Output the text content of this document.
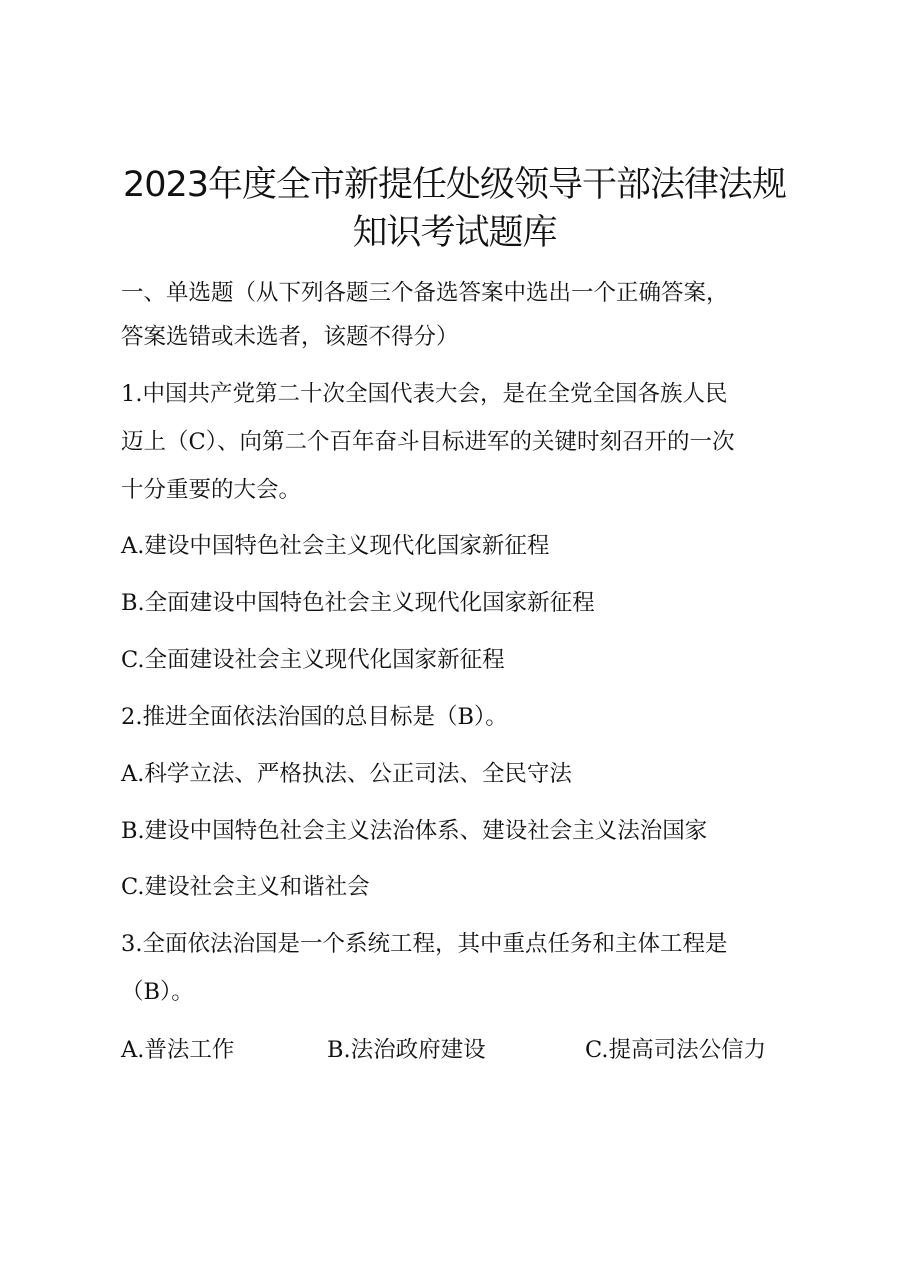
2023年度全市新提任处级领导干部法律法规
知识考试题库
一、单选题（从下列各题三个备选答案中选出一个正确答案，
答案选错或未选者，该题不得分）
1.中国共产党第二十次全国代表大会，是在全党全国各族人民
迈上（C）、向第二个百年奋斗目标进军的关键时刻召开的一次
十分重要的大会。
A.建设中国特色社会主义现代化国家新征程
B.全面建设中国特色社会主义现代化国家新征程
C.全面建设社会主义现代化国家新征程
2.推进全面依法治国的总目标是（B）。
A.科学立法、严格执法、公正司法、全民守法
B.建设中国特色社会主义法治体系、建设社会主义法治国家
C.建设社会主义和谐社会
3.全面依法治国是一个系统工程，其中重点任务和主体工程是
（B）。
A.普法工作	B.法治政府建设	C.提高司法公信力
